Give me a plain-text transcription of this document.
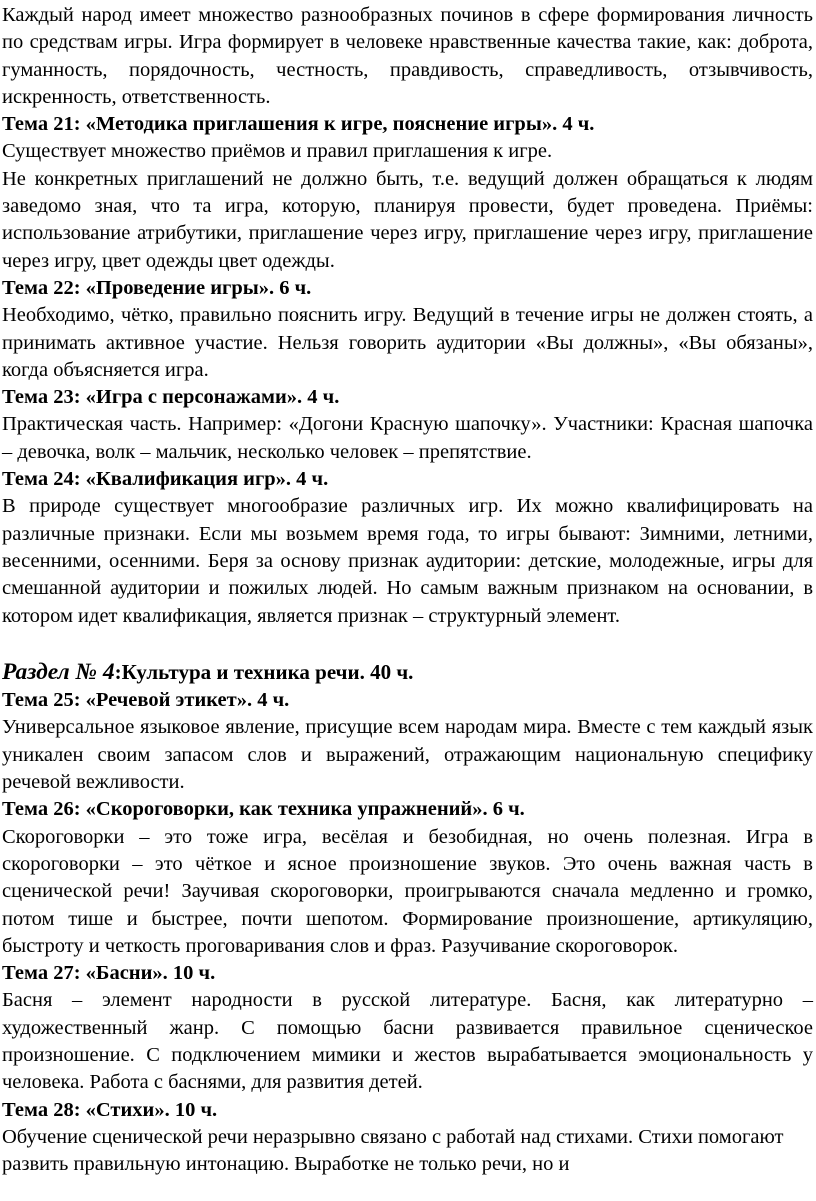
Каждый народ имеет множество разнообразных починов в сфере формирования личность по средствам игры. Игра формирует в человеке нравственные качества такие, как: доброта, гуманность, порядочность, честность, правдивость, справедливость, отзывчивость, искренность, ответственность.

Тема 21: «Методика приглашения к игре, пояснение игры». 4 ч.

Существует множество приёмов и правил приглашения к игре.

Не конкретных приглашений не должно быть, т.е. ведущий должен обращаться к людям заведомо зная, что та игра, которую, планируя провести, будет проведена. Приёмы: использование атрибутики, приглашение через игру, приглашение через игру, приглашение через игру, цвет одежды цвет одежды.

Тема 22: «Проведение игры». 6 ч.

Необходимо, чётко, правильно пояснить игру. Ведущий в течение игры не должен стоять, а принимать активное участие. Нельзя говорить аудитории «Вы должны», «Вы обязаны», когда объясняется игра.

Тема 23: «Игра с персонажами». 4 ч.

Практическая часть. Например: «Догони Красную шапочку». Участники: Красная шапочка – девочка, волк – мальчик, несколько человек – препятствие.

Тема 24: «Квалификация игр». 4 ч.

В природе существует многообразие различных игр. Их можно квалифицировать на различные признаки. Если мы возьмем время года, то игры бывают: Зимними, летними, весенними, осенними. Беря за основу признак аудитории: детские, молодежные, игры для смешанной аудитории и пожилых людей. Но самым важным признаком на основании, в котором идет квалификация, является признак – структурный элемент.

Раздел № 4:Культура и техника речи. 40 ч.

Тема 25: «Речевой этикет». 4 ч.

Универсальное языковое явление, присущие всем народам мира. Вместе с тем каждый язык уникален своим запасом слов и выражений, отражающим национальную специфику речевой вежливости.

Тема 26: «Скороговорки, как техника упражнений». 6 ч.

Скороговорки – это тоже игра, весёлая и безобидная, но очень полезная. Игра в скороговорки – это чёткое и ясное произношение звуков. Это очень важная часть в сценической речи! Заучивая скороговорки, проигрываются сначала медленно и громко, потом тише и быстрее, почти шепотом. Формирование произношение, артикуляцию, быстроту и четкость проговаривания слов и фраз. Разучивание скороговорок.

Тема 27: «Басни». 10 ч.

Басня – элемент народности в русской литературе. Басня, как литературно – художественный жанр. С помощью басни развивается правильное сценическое произношение. С подключением мимики и жестов вырабатывается эмоциональность у человека. Работа с баснями, для развития детей.

Тема 28: «Стихи». 10 ч.

Обучение сценической речи неразрывно связано с работай над стихами. Стихи помогают развить правильную интонацию. Выработке не только речи, но и
